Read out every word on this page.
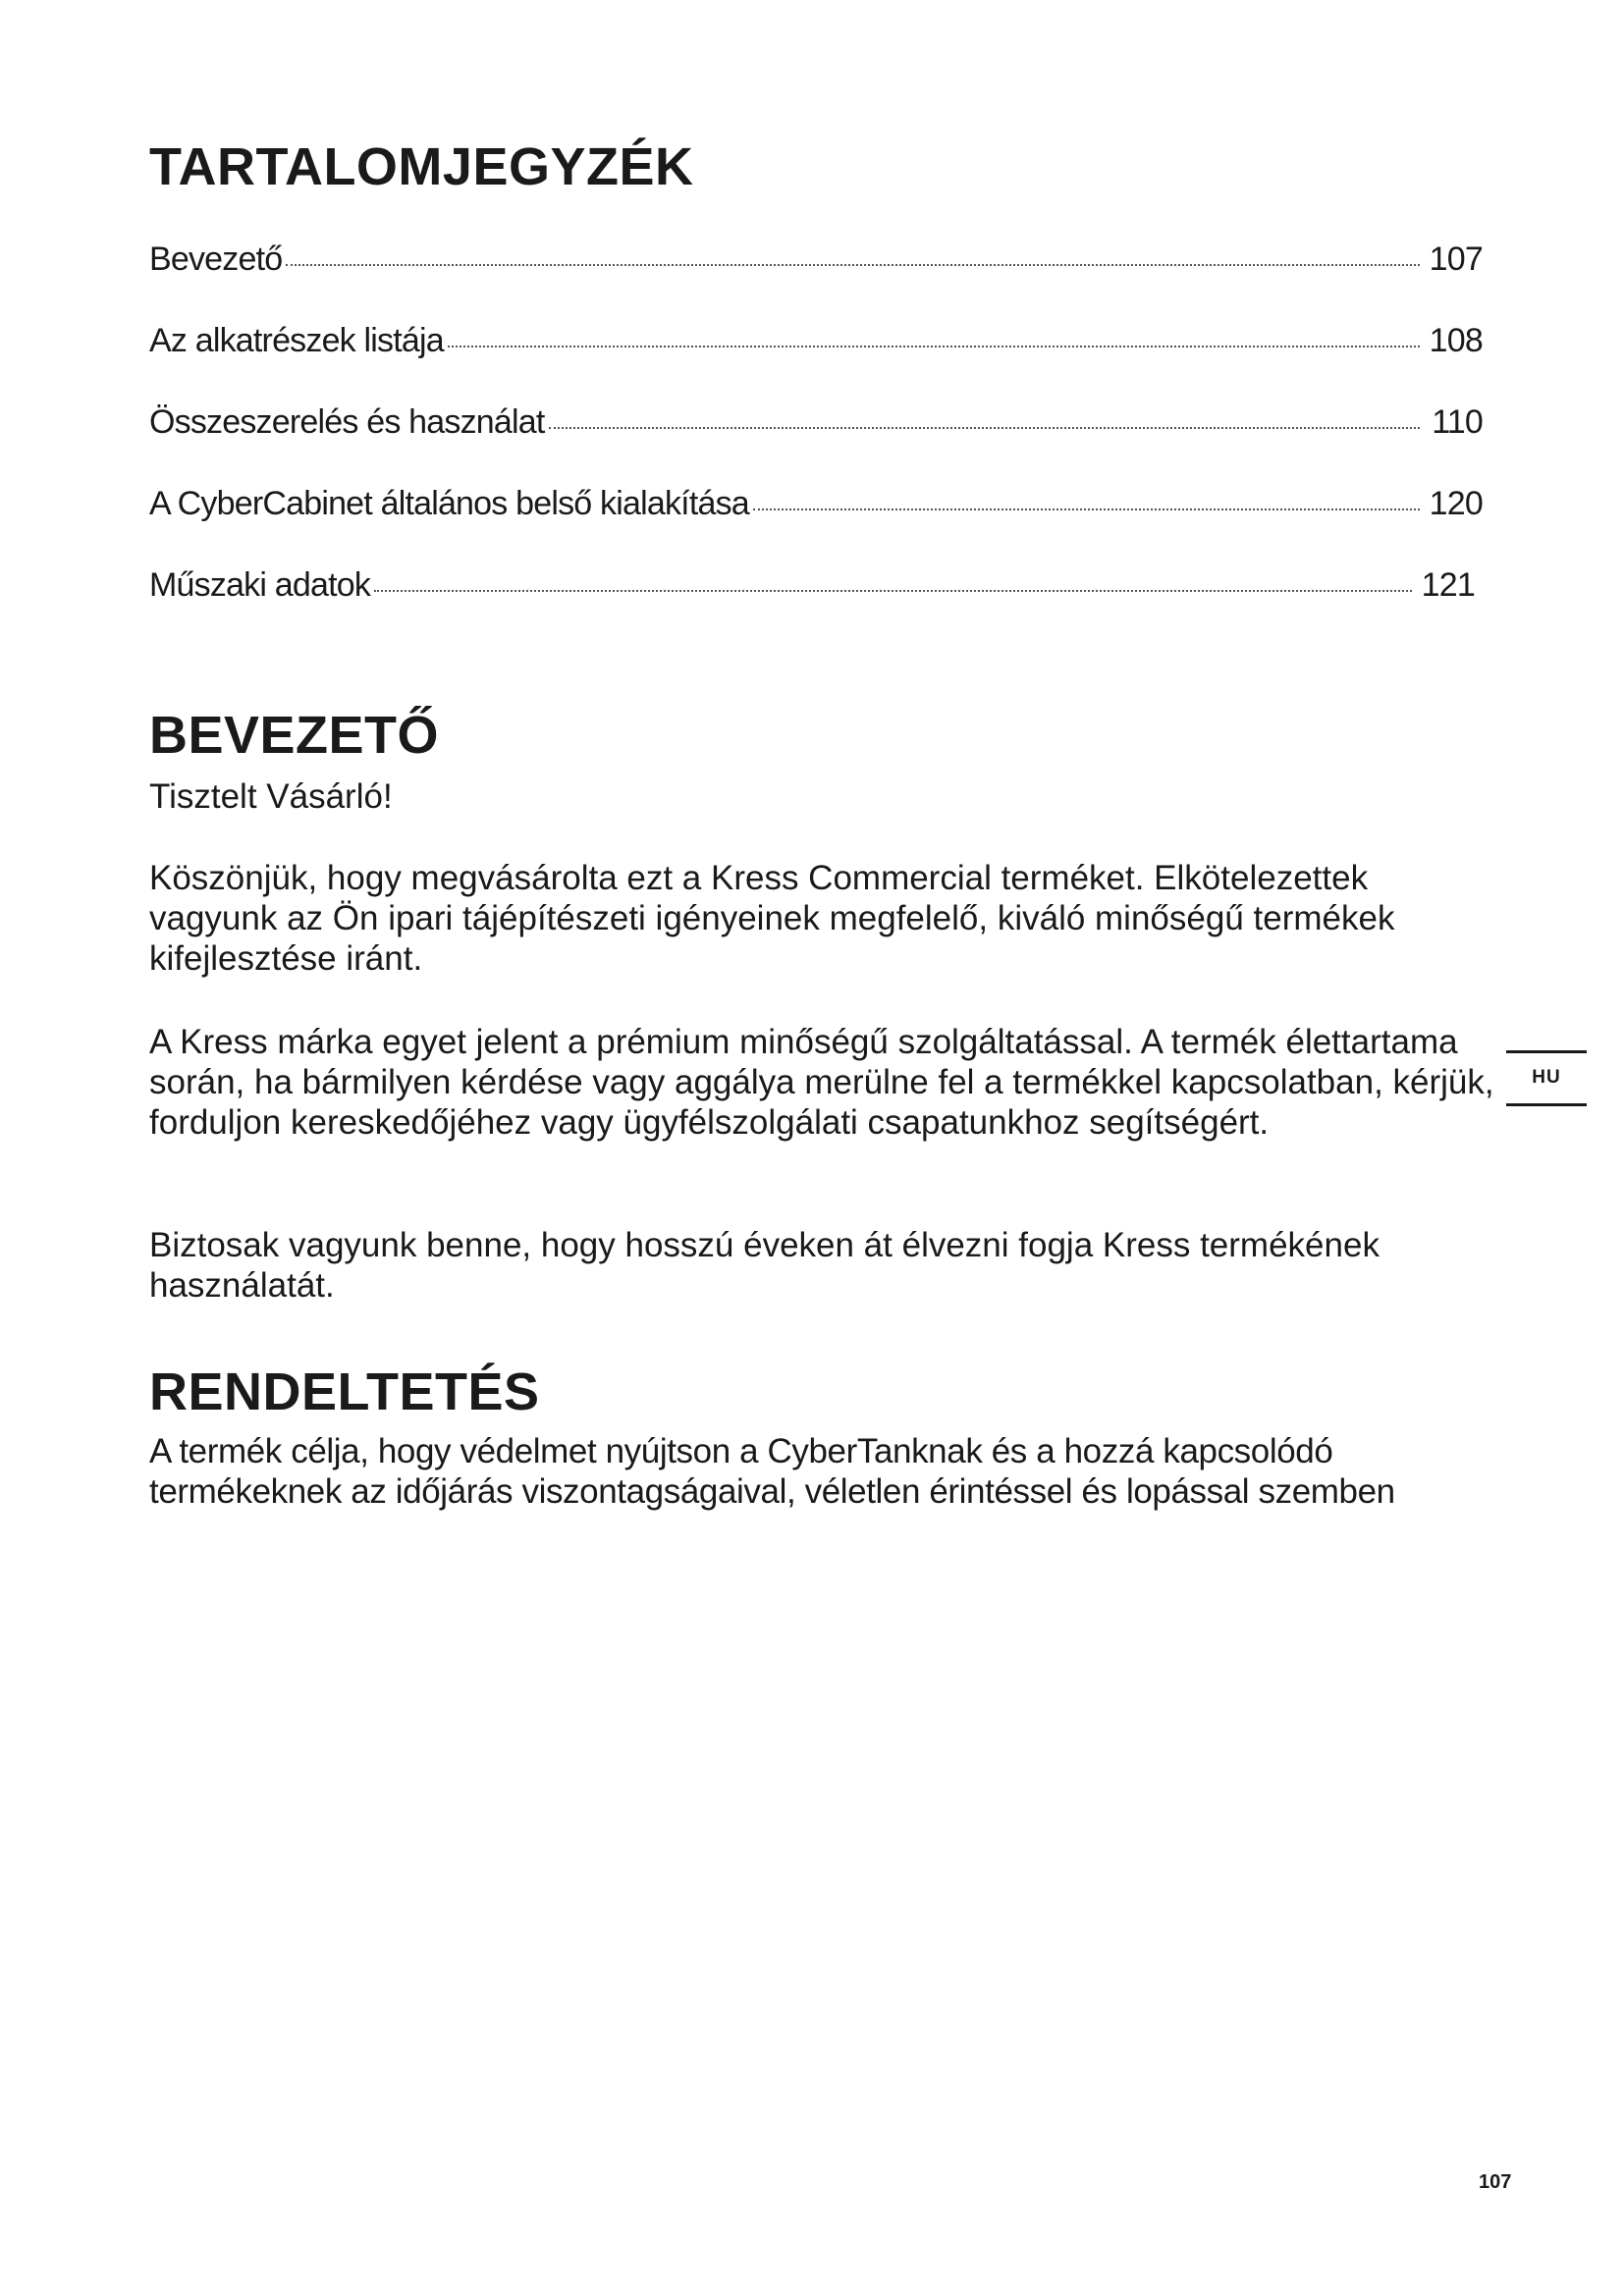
TARTALOMJEGYZÉK
Bevezető	107
Az alkatrészek listája	108
Összeszerelés és használat	110
A CyberCabinet általános belső kialakítása	120
Műszaki adatok	121
BEVEZETŐ

Tisztelt Vásárló!

Köszönjük, hogy megvásárolta ezt a Kress Commercial terméket. Elkötelezettek vagyunk az Ön ipari tájépítészeti igényeinek megfelelő, kiváló minőségű termékek kifejlesztése iránt.

A Kress márka egyet jelent a prémium minőségű szolgáltatással. A termék élettartama során, ha bármilyen kérdése vagy aggálya merülne fel a termékkel kapcsolatban, kérjük, forduljon kereskedőjéhez vagy ügyfélszolgálati csapatunkhoz segítségért.

Biztosak vagyunk benne, hogy hosszú éveken át élvezni fogja Kress termékének használatát.

RENDELTETÉS

A termék célja, hogy védelmet nyújtson a CyberTanknak és a hozzá kapcsolódó termékeknek az időjárás viszontagságaival, véletlen érintéssel és lopással szemben

HU
107
